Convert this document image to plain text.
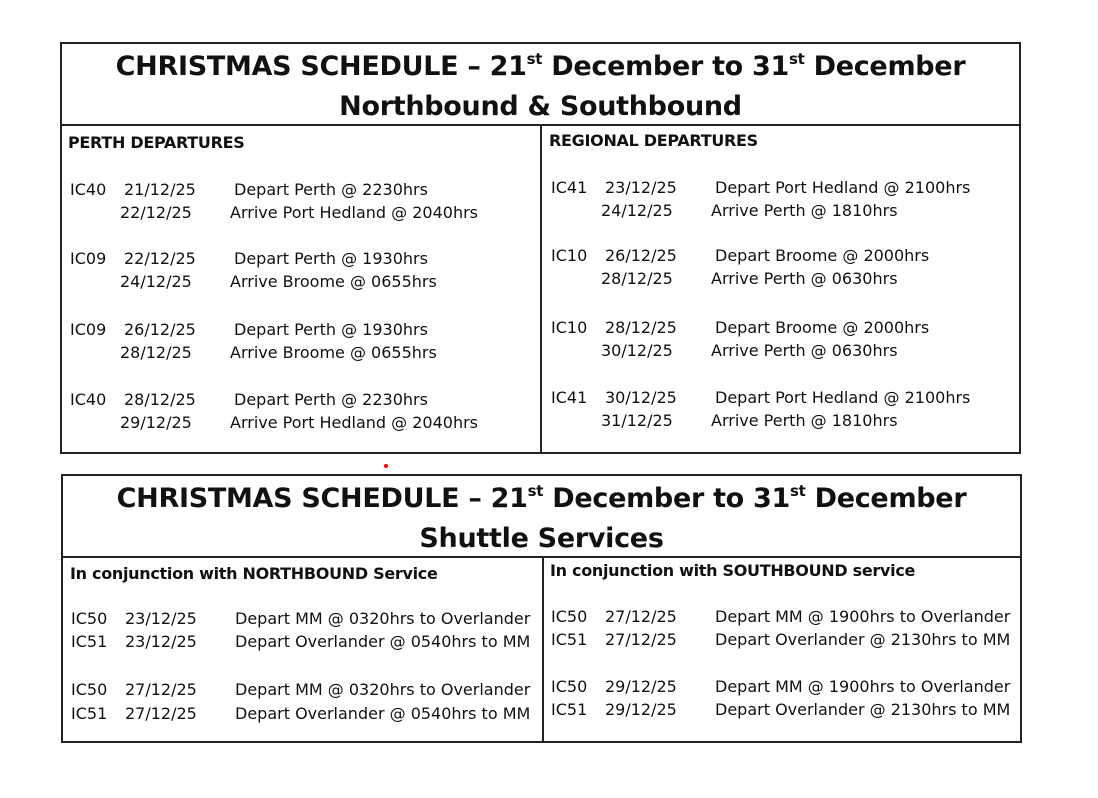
CHRISTMAS SCHEDULE – 21st December to 31st December
Northbound & Southbound
PERTH DEPARTURES	REGIONAL DEPARTURES
IC40 21/12/25 Depart Perth @ 2230hrs
22/12/25 Arrive Port Hedland @ 2040hrs
IC09 22/12/25 Depart Perth @ 1930hrs
24/12/25 Arrive Broome @ 0655hrs
IC09 26/12/25 Depart Perth @ 1930hrs
28/12/25 Arrive Broome @ 0655hrs
IC40 28/12/25 Depart Perth @ 2230hrs
29/12/25 Arrive Port Hedland @ 2040hrs
IC41 23/12/25 Depart Port Hedland @ 2100hrs
24/12/25 Arrive Perth @ 1810hrs
IC10 26/12/25 Depart Broome @ 2000hrs
28/12/25 Arrive Perth @ 0630hrs
IC10 28/12/25 Depart Broome @ 2000hrs
30/12/25 Arrive Perth @ 0630hrs
IC41 30/12/25 Depart Port Hedland @ 2100hrs
31/12/25 Arrive Perth @ 1810hrs
CHRISTMAS SCHEDULE – 21st December to 31st December
Shuttle Services
In conjunction with NORTHBOUND Service	In conjunction with SOUTHBOUND service
IC50 23/12/25 Depart MM @ 0320hrs to Overlander
IC51 23/12/25 Depart Overlander @ 0540hrs to MM
IC50 27/12/25 Depart MM @ 0320hrs to Overlander
IC51 27/12/25 Depart Overlander @ 0540hrs to MM
IC50 27/12/25 Depart MM @ 1900hrs to Overlander
IC51 27/12/25 Depart Overlander @ 2130hrs to MM
IC50 29/12/25 Depart MM @ 1900hrs to Overlander
IC51 29/12/25 Depart Overlander @ 2130hrs to MM
